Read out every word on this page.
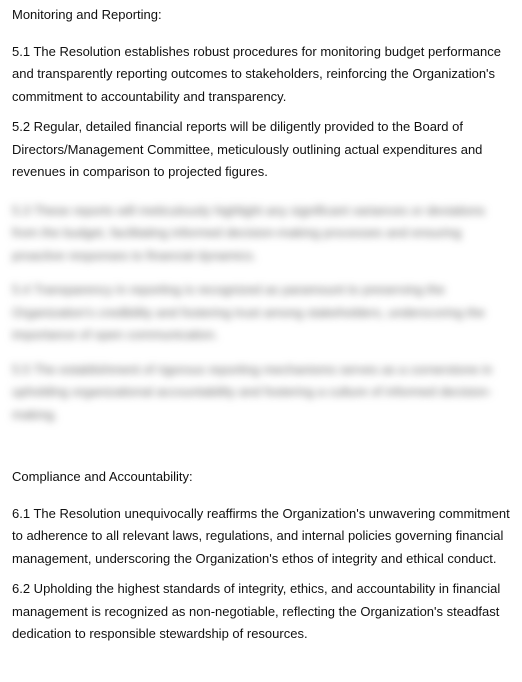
Monitoring and Reporting:

5.1 The Resolution establishes robust procedures for monitoring budget performance and transparently reporting outcomes to stakeholders, reinforcing the Organization's commitment to accountability and transparency.

5.2 Regular, detailed financial reports will be diligently provided to the Board of Directors/Management Committee, meticulously outlining actual expenditures and revenues in comparison to projected figures.

5.3 These reports will meticulously highlight any significant variances or deviations from the budget, facilitating informed decision-making processes and ensuring proactive responses to financial dynamics.

5.4 Transparency in reporting is recognized as paramount to preserving the Organization's credibility and fostering trust among stakeholders, underscoring the importance of open communication.

5.5 The establishment of rigorous reporting mechanisms serves as a cornerstone in upholding organizational accountability and fostering a culture of informed decision-making.

Compliance and Accountability:

6.1 The Resolution unequivocally reaffirms the Organization's unwavering commitment to adherence to all relevant laws, regulations, and internal policies governing financial management, underscoring the Organization's ethos of integrity and ethical conduct.

6.2 Upholding the highest standards of integrity, ethics, and accountability in financial management is recognized as non-negotiable, reflecting the Organization's steadfast dedication to responsible stewardship of resources.
